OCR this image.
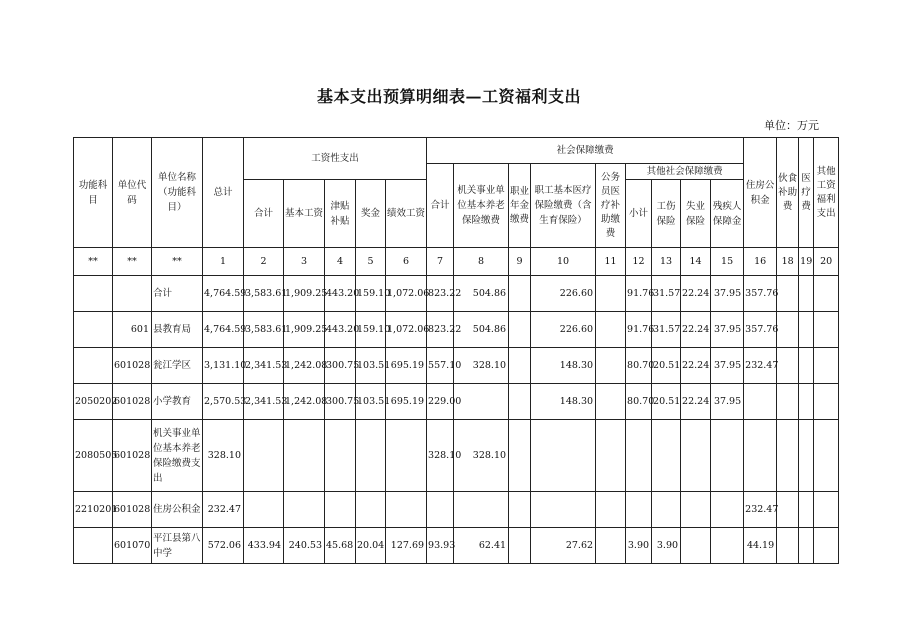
基本支出预算明细表—工资福利支出
单位：万元
功能科目	单位代码	单位名称（功能科目）	总计	工资性支出					社会保障缴费									住房公积金	伙食补助费	医疗费	其他工资福利支出
									合计	机关事业单位基本养老保险缴费	职业年金缴费	职工基本医疗保险缴费（含生育保险）	公务员医疗补助缴费	其他社会保障缴费							
				合计	基本工资	津贴补贴	奖金	绩效工资						小计	工伤保险	失业保险	残疾人保障金				
**	**	**	1	2	3	4	5	6	7	8	9	10	11	12	13	14	15	16	18	19	20
		合计	4,764.59	3,583.61	1,909.25	443.20	159.10	1,072.06	823.22	504.86		226.60		91.76	31.57	22.24	37.95	357.76			
	601	县教育局	4,764.59	3,583.61	1,909.25	443.20	159.10	1,072.06	823.22	504.86		226.60		91.76	31.57	22.24	37.95	357.76			
	601028	瓮江学区	3,131.10	2,341.53	1,242.08	300.75	103.51	695.19	557.10	328.10		148.30		80.70	20.51	22.24	37.95	232.47			
2050202	601028	小学教育	2,570.53	2,341.53	1,242.08	300.75	103.51	695.19	229.00			148.30		80.70	20.51	22.24	37.95				
2080505	601028	机关事业单位基本养老保险缴费支出	328.10						328.10	328.10											
2210201	601028	住房公积金	232.47															232.47			
	601070	平江县第八中学	572.06	433.94	240.53	45.68	20.04	127.69	93.93	62.41		27.62		3.90	3.90			44.19			
